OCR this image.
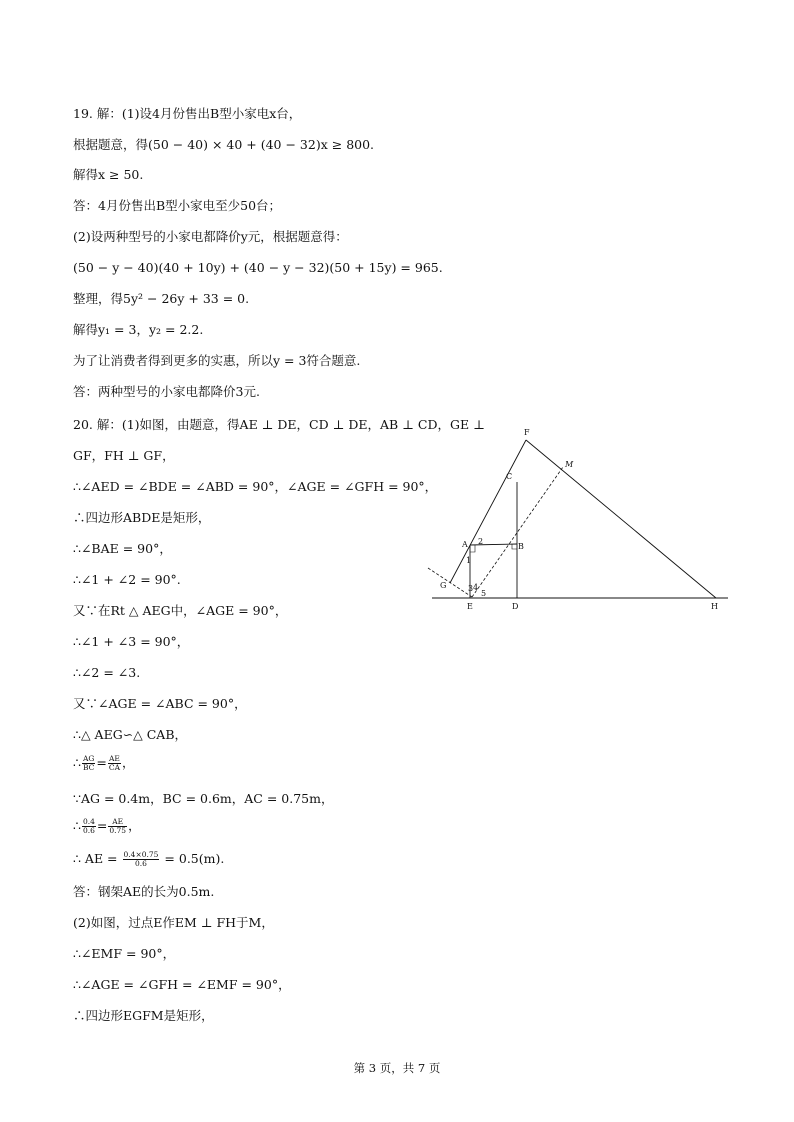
19. 解：(1)设4月份售出B型小家电x台，
根据题意，得(50 − 40) × 40 + (40 − 32)x ≥ 800.
解得x ≥ 50.
答：4月份售出B型小家电至少50台；
(2)设两种型号的小家电都降价y元，根据题意得：
(50 − y − 40)(40 + 10y) + (40 − y − 32)(50 + 15y) = 965.
整理，得5y² − 26y + 33 = 0.
解得y₁ = 3，y₂ = 2.2.
为了让消费者得到更多的实惠，所以y = 3符合题意.
答：两种型号的小家电都降价3元.
20. 解：(1)如图，由题意，得AE ⊥ DE，CD ⊥ DE，AB ⊥ CD，GE ⊥
GF，FH ⊥ GF，
∴∠AED = ∠BDE = ∠ABD = 90°，∠AGE = ∠GFH = 90°，
∴四边形ABDE是矩形，
∴∠BAE = 90°，
∴∠1 + ∠2 = 90°.
又∵在Rt △ AEG中，∠AGE = 90°，
∴∠1 + ∠3 = 90°，
∴∠2 = ∠3.
又∵∠AGE = ∠ABC = 90°，
∴△ AEG∽△ CAB，
∴ $\frac{AG}{BC} = \frac{AE}{CA}$ ，
∵AG = 0.4m，BC = 0.6m，AC = 0.75m，
∴ $\frac{0.4}{0.6} = \frac{AE}{0.75}$ ，
∴ AE = $\frac{0.4\times 0.75}{0.6} = 0.5(m)$.
答：钢架AE的长为0.5m.
(2)如图，过点E作EM ⊥ FH于M，
∴∠EMF = 90°，
∴∠AGE = ∠GFH = ∠EMF = 90°，
∴四边形EGFM是矩形，
F
M
C
A 2
B
1
G	3 4
5
E	D	H
第 3 页，共 7 页
